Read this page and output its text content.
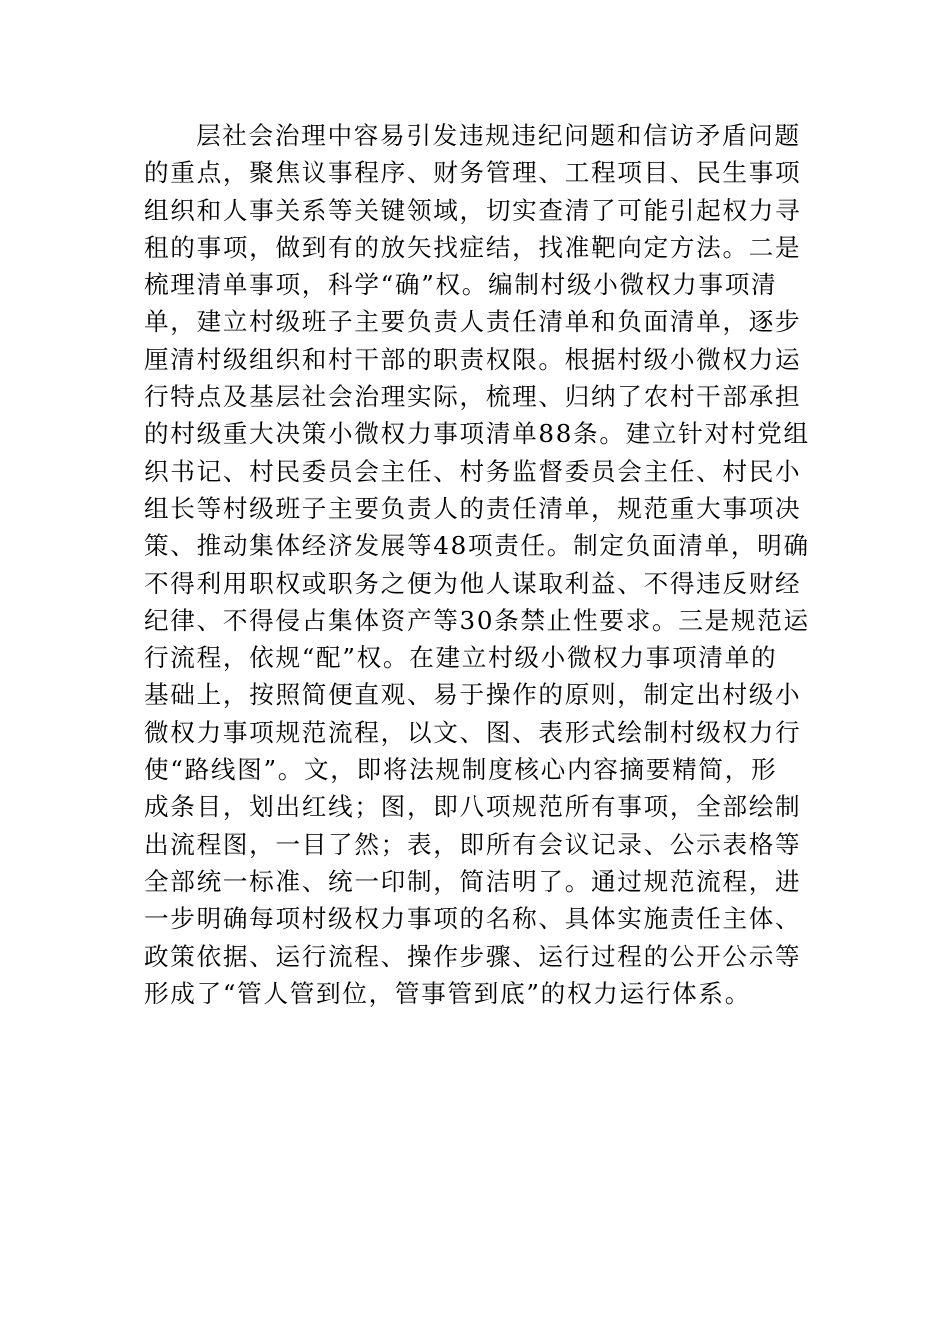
层社会治理中容易引发违规违纪问题和信访矛盾问题
的重点，聚焦议事程序、财务管理、工程项目、民生事项
组织和人事关系等关键领域，切实查清了可能引起权力寻
租的事项，做到有的放矢找症结，找准靶向定方法。二是
梳理清单事项，科学“确”权。编制村级小微权力事项清
单，建立村级班子主要负责人责任清单和负面清单，逐步
厘清村级组织和村干部的职责权限。根据村级小微权力运
行特点及基层社会治理实际，梳理、归纳了农村干部承担
的村级重大决策小微权力事项清单88条。建立针对村党组
织书记、村民委员会主任、村务监督委员会主任、村民小
组长等村级班子主要负责人的责任清单，规范重大事项决
策、推动集体经济发展等48项责任。制定负面清单，明确
不得利用职权或职务之便为他人谋取利益、不得违反财经
纪律、不得侵占集体资产等30条禁止性要求。三是规范运
行流程，依规“配”权。在建立村级小微权力事项清单的
基础上，按照简便直观、易于操作的原则，制定出村级小
微权力事项规范流程，以文、图、表形式绘制村级权力行
使“路线图”。文，即将法规制度核心内容摘要精简，形
成条目，划出红线；图，即八项规范所有事项，全部绘制
出流程图，一目了然；表，即所有会议记录、公示表格等
全部统一标准、统一印制，简洁明了。通过规范流程，进
一步明确每项村级权力事项的名称、具体实施责任主体、
政策依据、运行流程、操作步骤、运行过程的公开公示等
形成了“管人管到位，管事管到底”的权力运行体系。
